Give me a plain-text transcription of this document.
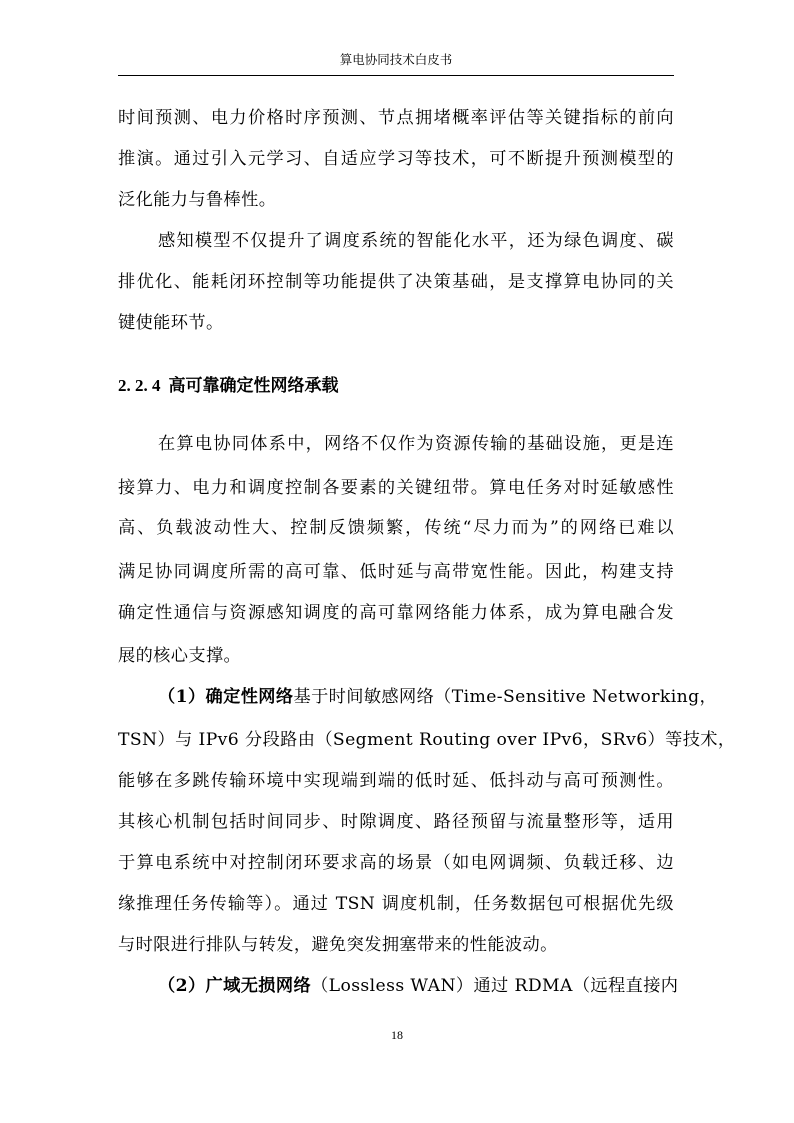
算电协同技术白皮书
时间预测、电力价格时序预测、节点拥堵概率评估等关键指标的前向
推演。通过引入元学习、自适应学习等技术，可不断提升预测模型的
泛化能力与鲁棒性。
感知模型不仅提升了调度系统的智能化水平，还为绿色调度、碳
排优化、能耗闭环控制等功能提供了决策基础，是支撑算电协同的关
键使能环节。
2. 2. 4 高可靠确定性网络承载
在算电协同体系中，网络不仅作为资源传输的基础设施，更是连
接算力、电力和调度控制各要素的关键纽带。算电任务对时延敏感性
高、负载波动性大、控制反馈频繁，传统“尽力而为”的网络已难以
满足协同调度所需的高可靠、低时延与高带宽性能。因此，构建支持
确定性通信与资源感知调度的高可靠网络能力体系，成为算电融合发
展的核心支撑。
（1）确定性网络基于时间敏感网络（Time-Sensitive Networking，
TSN）与 IPv6 分段路由（Segment Routing over IPv6，SRv6）等技术，
能够在多跳传输环境中实现端到端的低时延、低抖动与高可预测性。
其核心机制包括时间同步、时隙调度、路径预留与流量整形等，适用
于算电系统中对控制闭环要求高的场景（如电网调频、负载迁移、边
缘推理任务传输等）。通过 TSN 调度机制，任务数据包可根据优先级
与时限进行排队与转发，避免突发拥塞带来的性能波动。
（2）广域无损网络（Lossless WAN）通过 RDMA（远程直接内
18
